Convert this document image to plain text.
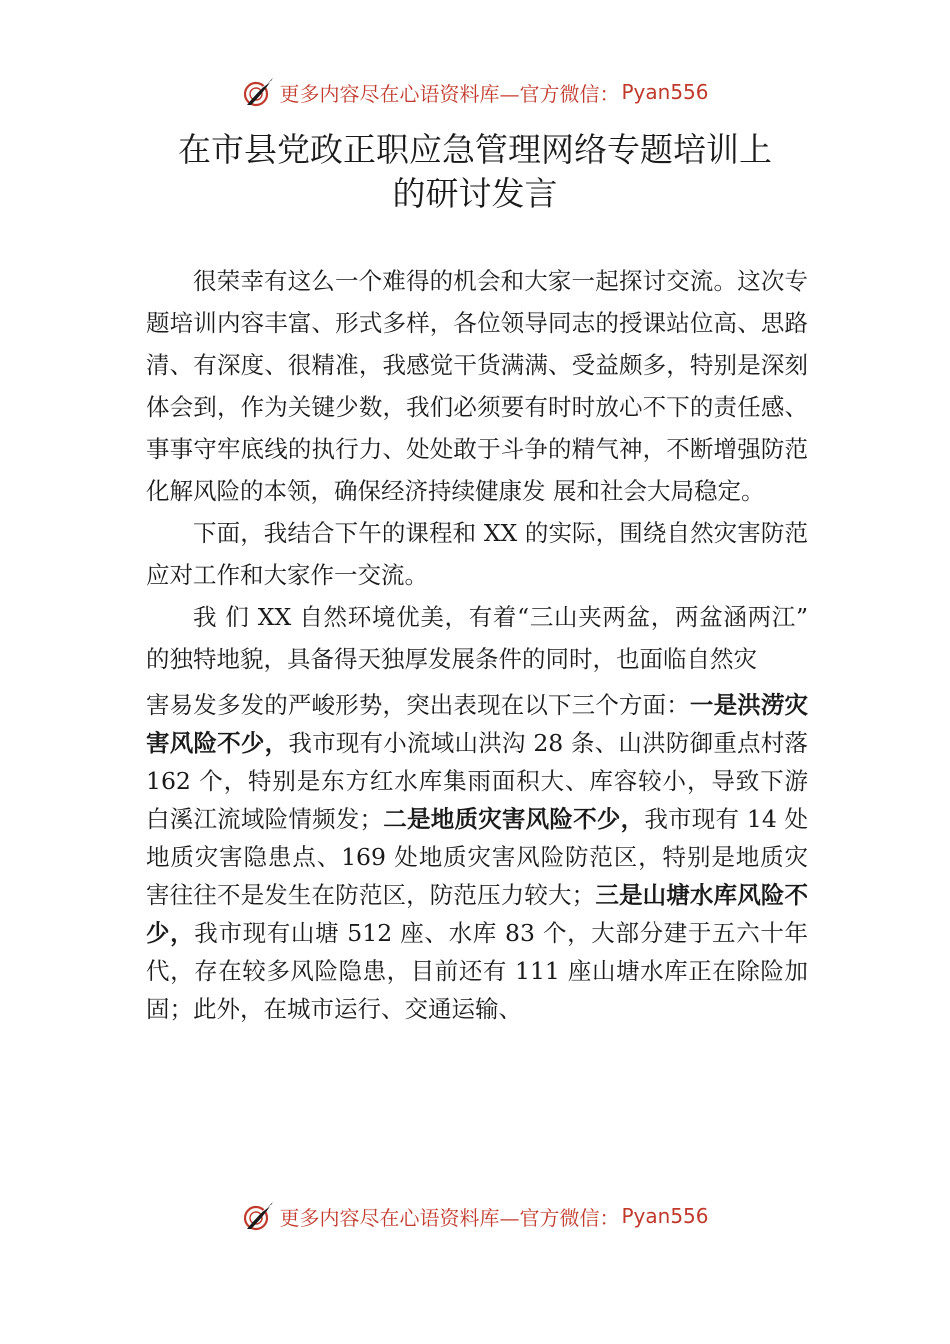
更多内容尽在心语资料库—官方微信： Pyan556
在市县党政正职应急管理网络专题培训上
的研讨发言

很荣幸有这么一个难得的机会和大家一起探讨交流。这次专题培训内容丰富、形式多样，各位领导同志的授课站位高、思路清、有深度、很精准，我感觉干货满满、受益颇多，特别是深刻体会到，作为关键少数，我们必须要有时时放心不下的责任感、事事守牢底线的执行力、处处敢于斗争的精气神，不断增强防范化解风险的本领，确保经济持续健康发 展和社会大局稳定。

下面，我结合下午的课程和 XX 的实际，围绕自然灾害防范应对工作和大家作一交流。

我 们 XX 自然环境优美，有着“三山夹两盆，两盆涵两江” 的独特地貌，具备得天独厚发展条件的同时，也面临自然灾

害易发多发的严峻形势，突出表现在以下三个方面：一是洪涝灾害风险不少，我市现有小流域山洪沟 28 条、山洪防御重点村落 162 个，特别是东方红水库集雨面积大、库容较小，导致下游白溪江流域险情频发；二是地质灾害风险不少，我市现有 14 处地质灾害隐患点、169 处地质灾害风险防范区，特别是地质灾害往往不是发生在防范区，防范压力较大；三是山塘水库风险不少，我市现有山塘 512 座、水库 83 个，大部分建于五六十年代，存在较多风险隐患，目前还有 111 座山塘水库正在除险加固；此外，在城市运行、交通运输、

更多内容尽在心语资料库—官方微信： Pyan556
